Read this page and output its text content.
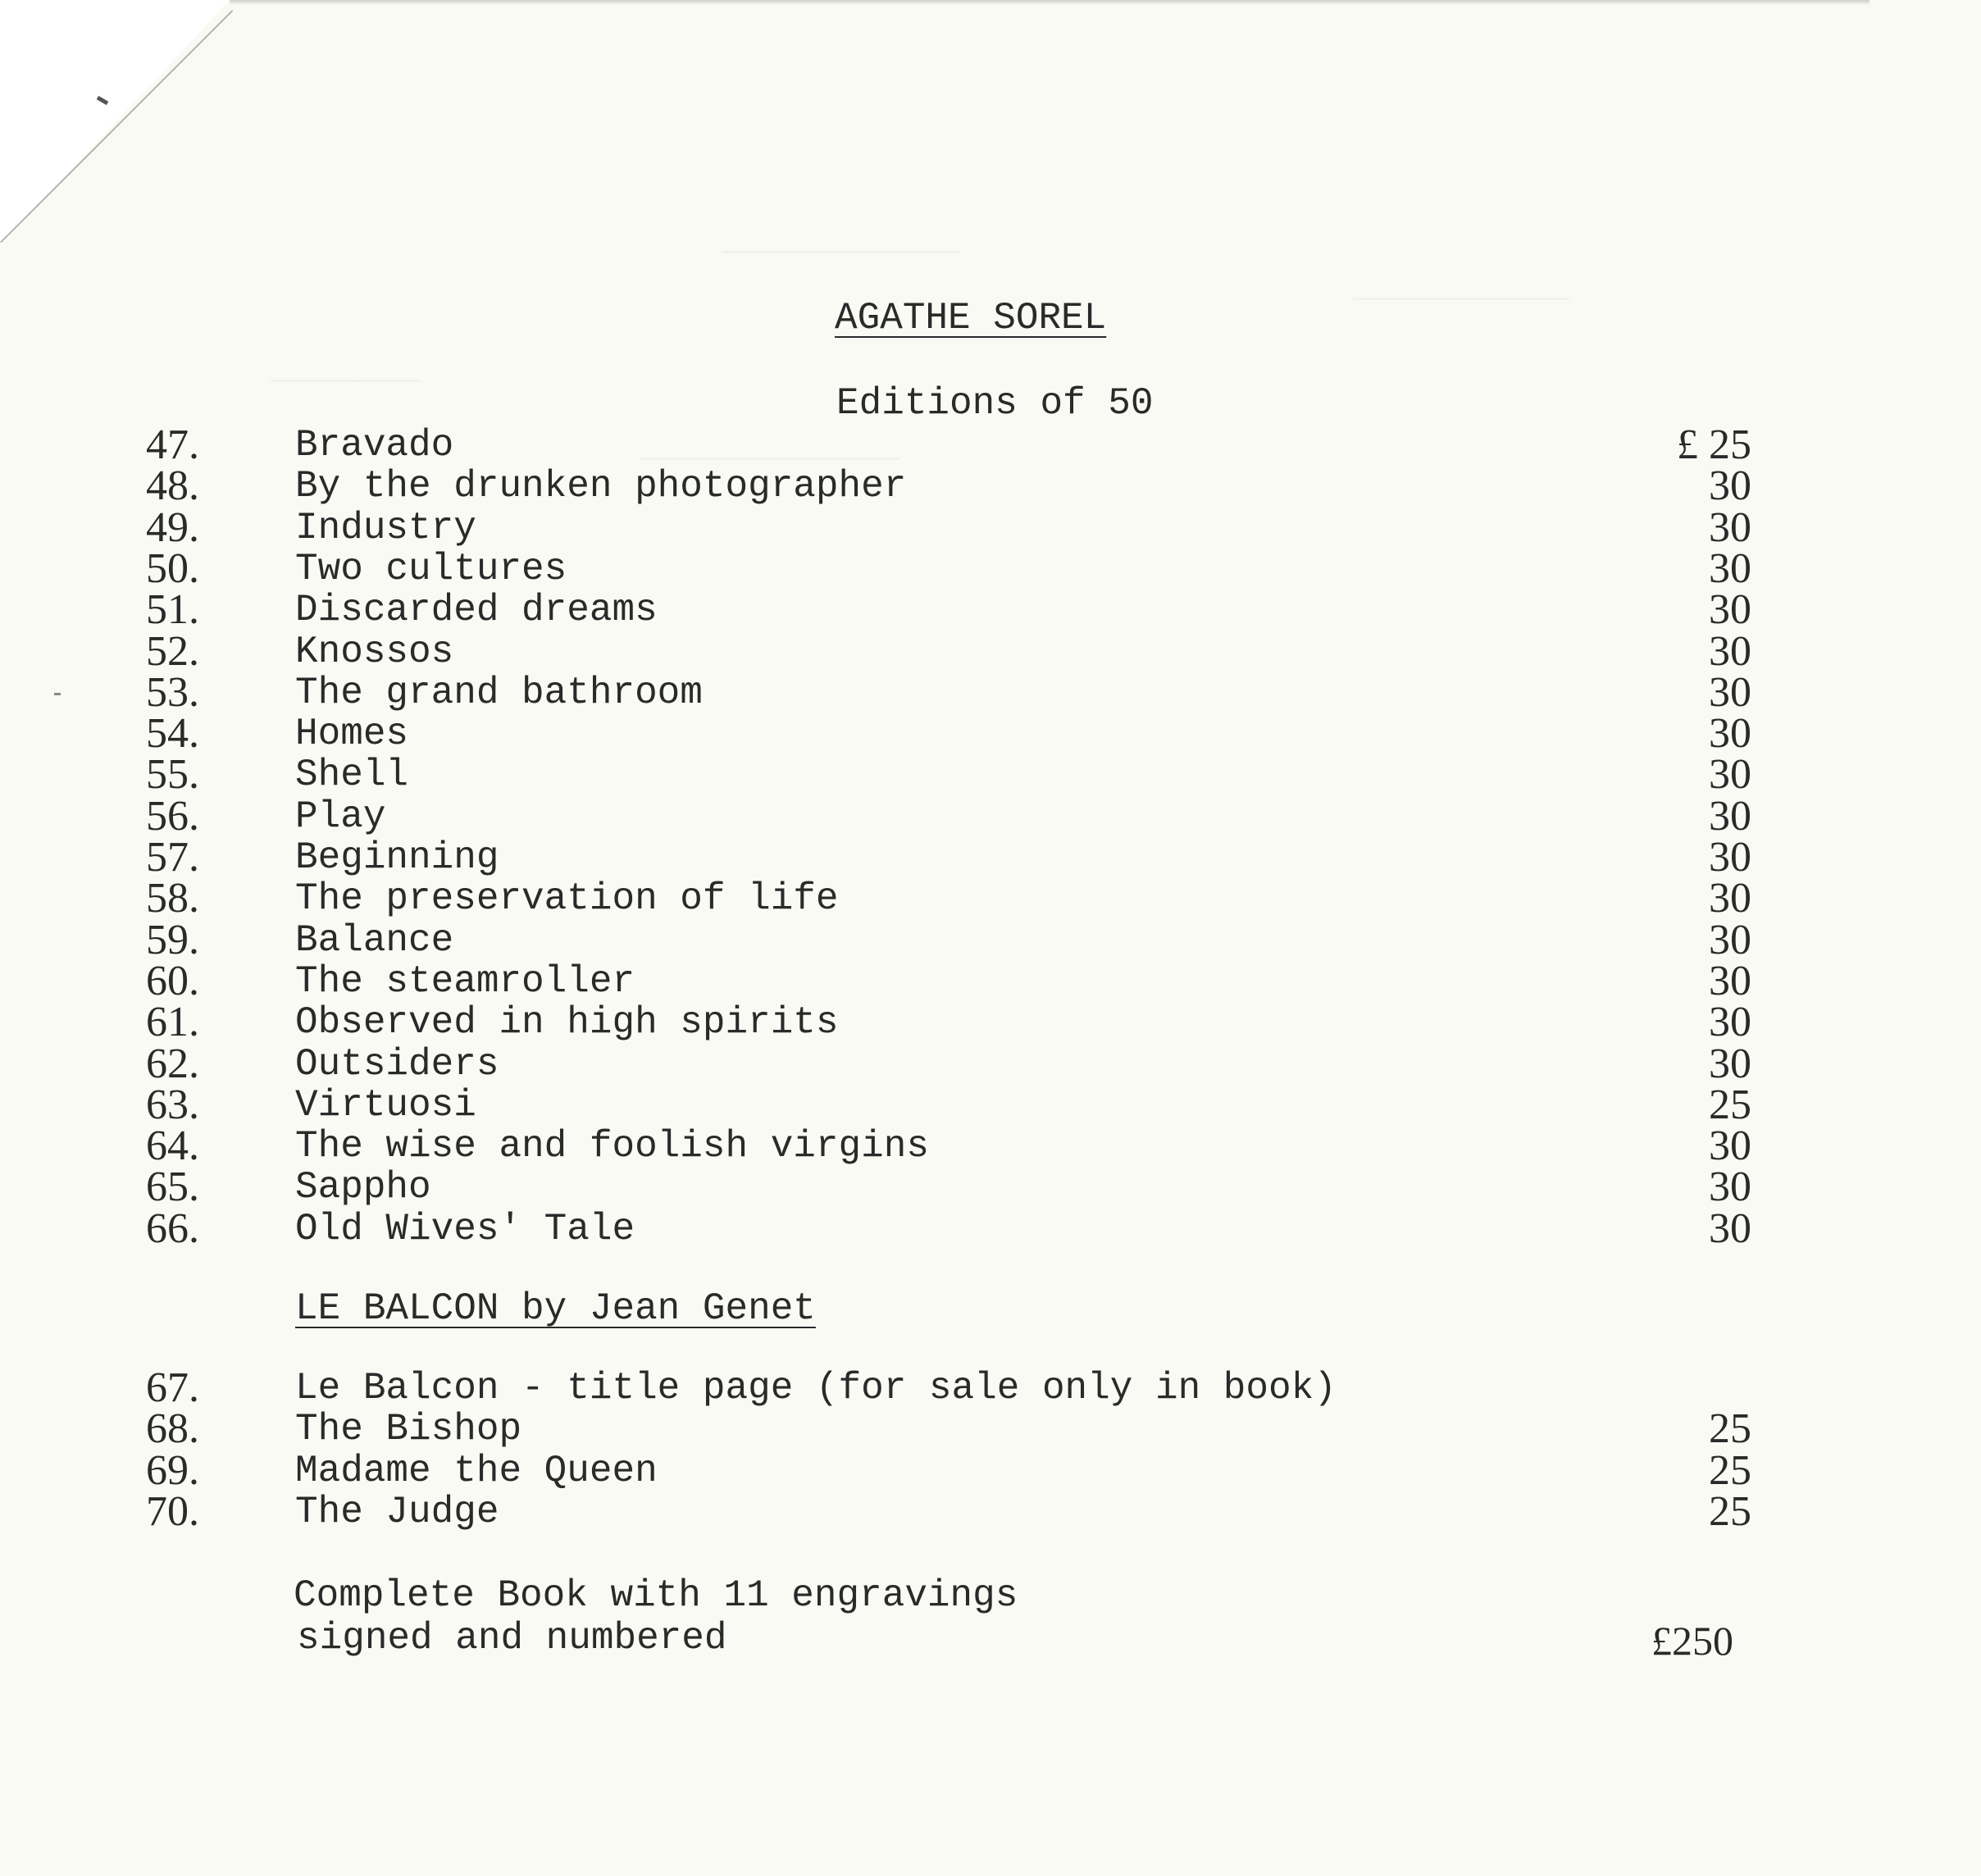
AGATHE SOREL
Editions of 50
47.	Bravado	£ 25
48.	By the drunken photographer	30
49.	Industry	30
50.	Two cultures	30
51.	Discarded dreams	30
52.	Knossos	30
53.	The grand bathroom	30
54.	Homes	30
55.	Shell	30
56.	Play	30
57.	Beginning	30
58.	The preservation of life	30
59.	Balance	30
60.	The steamroller	30
61.	Observed in high spirits	30
62.	Outsiders	30
63.	Virtuosi	25
64.	The wise and foolish virgins	30
65.	Sappho	30
66.	Old Wives' Tale	30
LE BALCON by Jean Genet
67.	Le Balcon - title page (for sale only in book)
68.	The Bishop	25
69.	Madame the Queen	25
70.	The Judge	25
Complete Book with 11 engravings
signed and numbered	£250
